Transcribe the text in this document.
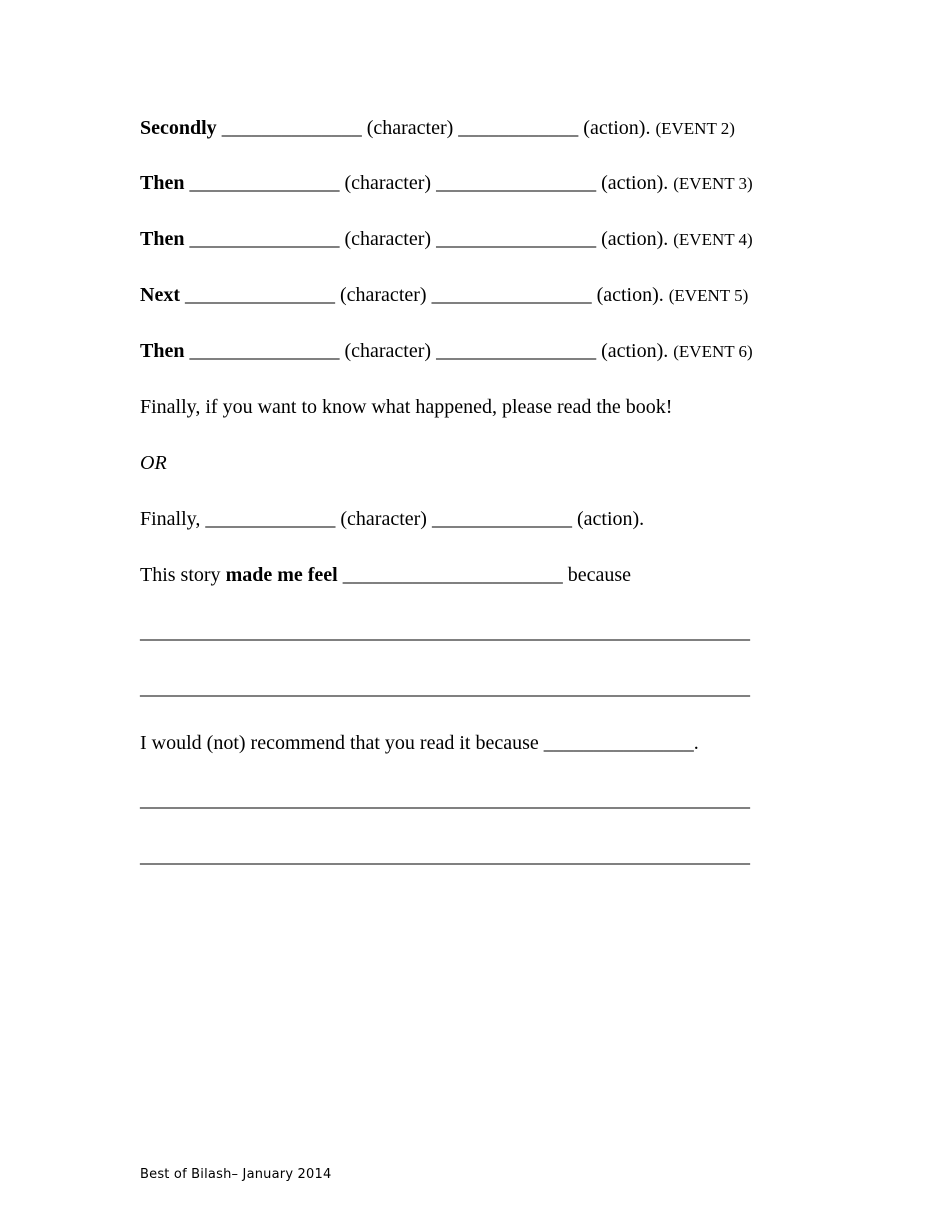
Secondly ______________ (character) ____________ (action). (EVENT 2)
Then _______________ (character) ________________ (action). (EVENT 3)
Then _______________ (character) ________________ (action). (EVENT 4)
Next _______________ (character) ________________ (action). (EVENT 5)
Then _______________ (character) ________________ (action). (EVENT 6)
Finally, if you want to know what happened, please read the book!
OR
Finally, _____________ (character) ______________ (action).
This story made me feel ______________________ because
_____________________________________________________________
_____________________________________________________________
I would (not) recommend that you read it because _______________.
_____________________________________________________________
_____________________________________________________________
Best of Bilash– January 2014
